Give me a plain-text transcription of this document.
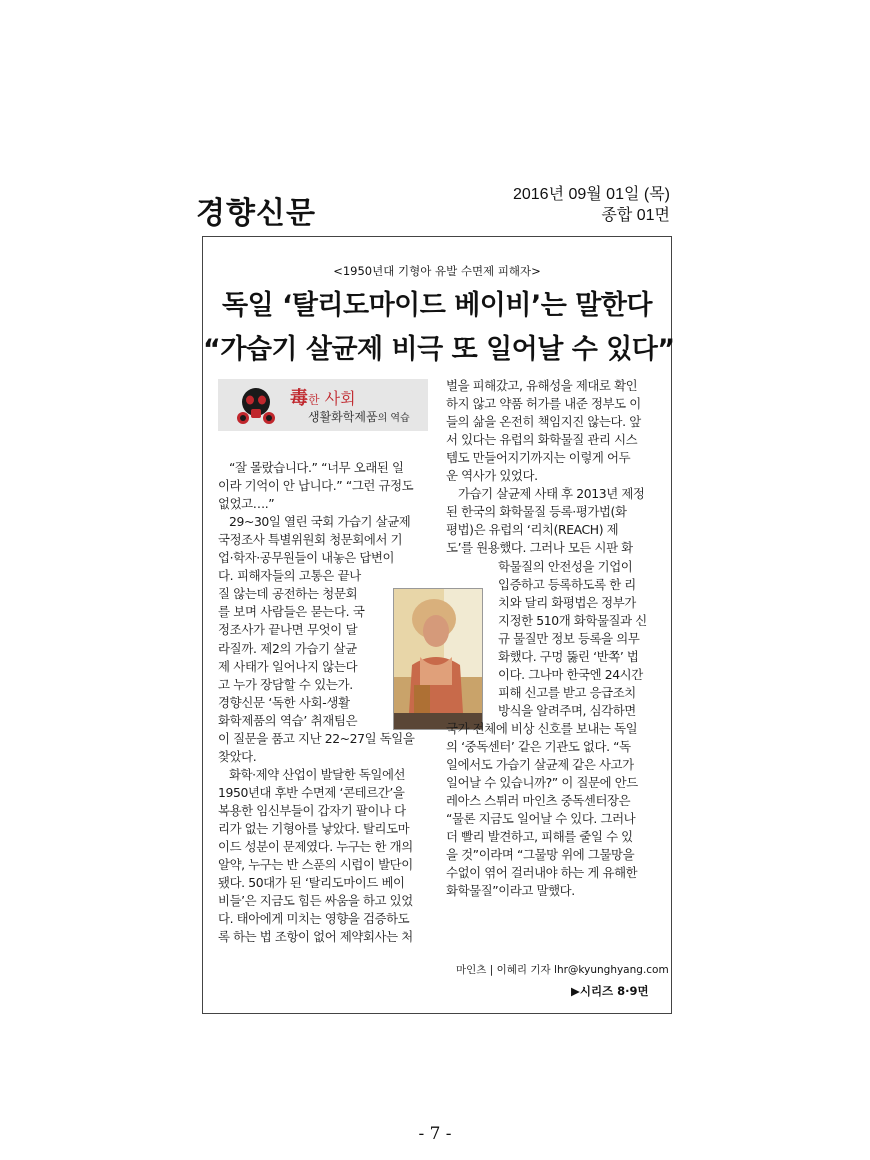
경향신문
2016년 09월 01일 (목)
종합 01면
<1950년대 기형아 유발 수면제 피해자>
독일 ‘탈리도마이드 베이비’는 말한다
“가습기 살균제 비극 또 일어날 수 있다”
毒한 사회
생활화학제품의 역습
마인츠 | 이혜리 기자 lhr@kyunghyang.com
▶시리즈 8·9면
“잘 몰랐습니다.” “너무 오래된 일
이라 기억이 안 납니다.” “그런 규정도
없었고….”
29~30일 열린 국회 가습기 살균제
국정조사 특별위원회 청문회에서 기
업·학자·공무원들이 내놓은 답변이
다. 피해자들의 고통은 끝나
질 않는데 공전하는 청문회
를 보며 사람들은 묻는다. 국
정조사가 끝나면 무엇이 달
라질까. 제2의 가습기 살균
제 사태가 일어나지 않는다
고 누가 장담할 수 있는가.
경향신문 ‘독한 사회-생활
화학제품의 역습’ 취재팀은
이 질문을 품고 지난 22~27일 독일을
찾았다.
화학·제약 산업이 발달한 독일에선
1950년대 후반 수면제 ‘콘테르간’을
복용한 임신부들이 갑자기 팔이나 다
리가 없는 기형아를 낳았다. 탈리도마
이드 성분이 문제였다. 누구는 한 개의
알약, 누구는 반 스푼의 시럽이 발단이
됐다. 50대가 된 ‘탈리도마이드 베이
비들’은 지금도 힘든 싸움을 하고 있었
다. 태아에게 미치는 영향을 검증하도
록 하는 법 조항이 없어 제약회사는 처
벌을 피해갔고, 유해성을 제대로 확인
하지 않고 약품 허가를 내준 정부도 이
들의 삶을 온전히 책임지진 않는다. 앞
서 있다는 유럽의 화학물질 관리 시스
템도 만들어지기까지는 이렇게 어두
운 역사가 있었다.
가습기 살균제 사태 후 2013년 제정
된 한국의 화학물질 등록·평가법(화
평법)은 유럽의 ‘리치(REACH) 제
도’를 원용했다. 그러나 모든 시판 화
학물질의 안전성을 기업이
입증하고 등록하도록 한 리
치와 달리 화평법은 정부가
지정한 510개 화학물질과 신
규 물질만 정보 등록을 의무
화했다. 구멍 뚫린 ‘반쪽’ 법
이다. 그나마 한국엔 24시간
피해 신고를 받고 응급조치
방식을 알려주며, 심각하면
국가 전체에 비상 신호를 보내는 독일
의 ‘중독센터’ 같은 기관도 없다. “독
일에서도 가습기 살균제 같은 사고가
일어날 수 있습니까?” 이 질문에 안드
레아스 스튀러 마인츠 중독센터장은
“물론 지금도 일어날 수 있다. 그러나
더 빨리 발견하고, 피해를 줄일 수 있
을 것”이라며 “그물망 위에 그물망을
수없이 엮어 걸러내야 하는 게 유해한
화학물질”이라고 말했다.
- 7 -
